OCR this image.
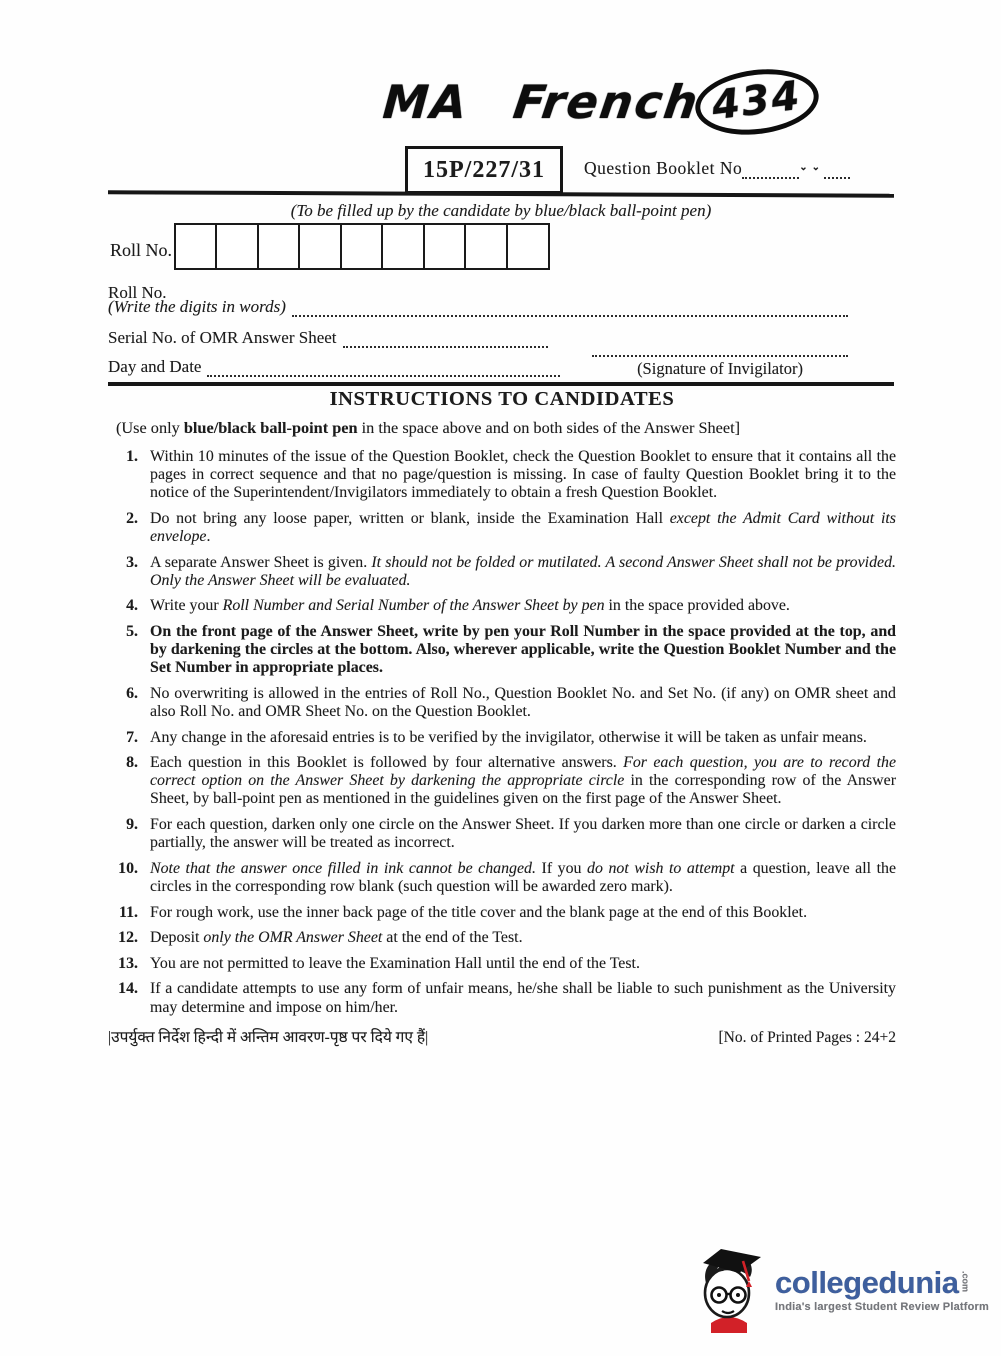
MA French 434
15P/227/31	Question Booklet No	⌄⌄
(To be filled up by the candidate by blue/black ball-point pen)
Roll No.
Roll No.
(Write the digits in words)
Serial No. of OMR Answer Sheet
(Signature of Invigilator)
Day and Date
INSTRUCTIONS TO CANDIDATES

(Use only blue/black ball-point pen in the space above and on both sides of the Answer Sheet]

1. Within 10 minutes of the issue of the Question Booklet, check the Question Booklet to ensure that it contains all the pages in correct sequence and that no page/question is missing. In case of faulty Question Booklet bring it to the notice of the Superintendent/Invigilators immediately to obtain a fresh Question Booklet.
2. Do not bring any loose paper, written or blank, inside the Examination Hall except the Admit Card without its envelope.
3. A separate Answer Sheet is given. It should not be folded or mutilated. A second Answer Sheet shall not be provided. Only the Answer Sheet will be evaluated.
4. Write your Roll Number and Serial Number of the Answer Sheet by pen in the space provided above.
5. On the front page of the Answer Sheet, write by pen your Roll Number in the space provided at the top, and by darkening the circles at the bottom. Also, wherever applicable, write the Question Booklet Number and the Set Number in appropriate places.
6. No overwriting is allowed in the entries of Roll No., Question Booklet No. and Set No. (if any) on OMR sheet and also Roll No. and OMR Sheet No. on the Question Booklet.
7. Any change in the aforesaid entries is to be verified by the invigilator, otherwise it will be taken as unfair means.
8. Each question in this Booklet is followed by four alternative answers. For each question, you are to record the correct option on the Answer Sheet by darkening the appropriate circle in the corresponding row of the Answer Sheet, by ball-point pen as mentioned in the guidelines given on the first page of the Answer Sheet.
9. For each question, darken only one circle on the Answer Sheet. If you darken more than one circle or darken a circle partially, the answer will be treated as incorrect.
10. Note that the answer once filled in ink cannot be changed. If you do not wish to attempt a question, leave all the circles in the corresponding row blank (such question will be awarded zero mark).
11. For rough work, use the inner back page of the title cover and the blank page at the end of this Booklet.
12. Deposit only the OMR Answer Sheet at the end of the Test.
13. You are not permitted to leave the Examination Hall until the end of the Test.
14. If a candidate attempts to use any form of unfair means, he/she shall be liable to such punishment as the University may determine and impose on him/her.
|उपर्युक्त निर्देश हिन्दी में अन्तिम आवरण-पृष्ठ पर दिये गए हैं|	[No. of Printed Pages : 24+2
collegedunia .com
India's largest Student Review Platform
